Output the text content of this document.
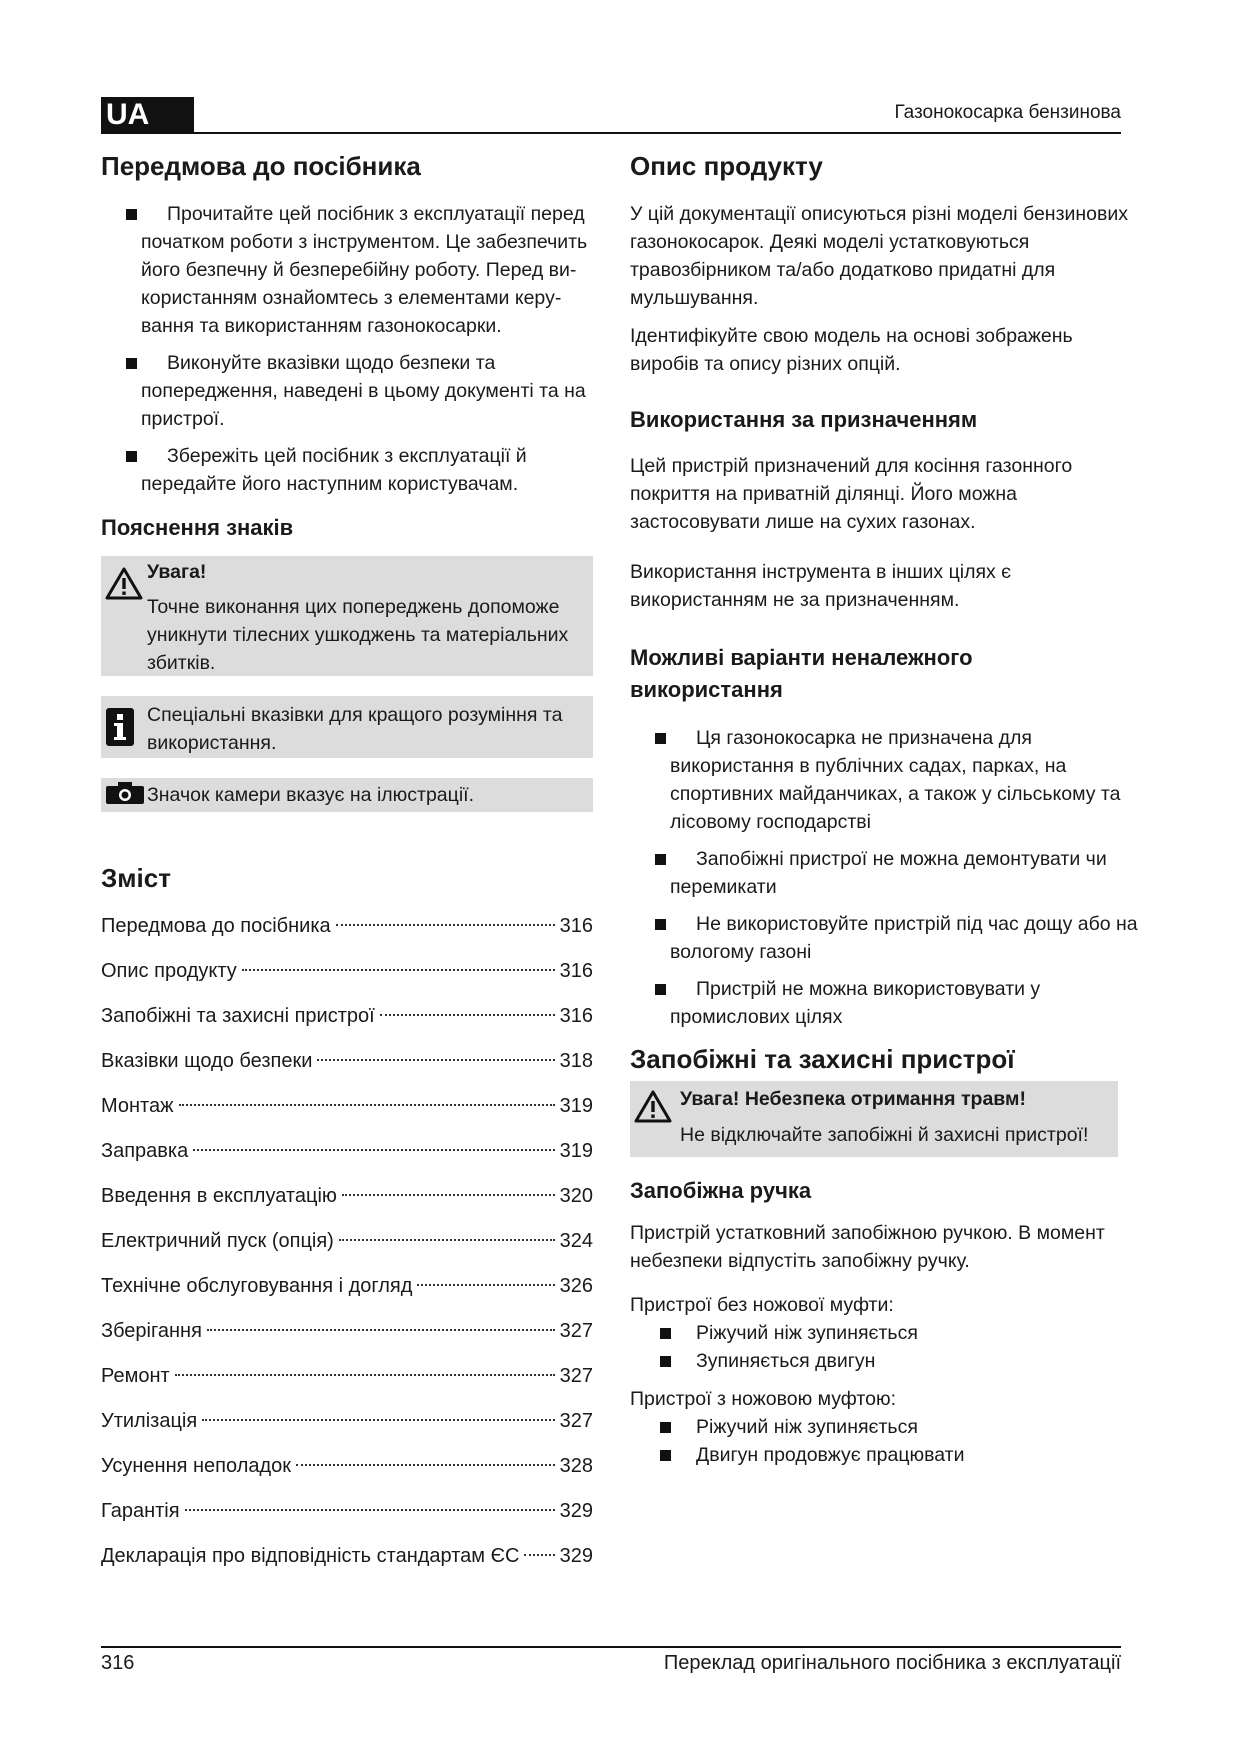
UA	Газонокосарка бензинова
Передмова до посібника
Прочитайте цей посібник з експлуатації перед початком роботи з інструментом. Це забезпечить його безпечну й безперебійну роботу. Перед використанням ознайомтесь з елементами керування та використанням газонокосарки.
Виконуйте вказівки щодо безпеки та попередження, наведені в цьому документі та на пристрої.
Збережіть цей посібник з експлуатації й передайте його наступним користувачам.
Пояснення знаків
Увага!
Точне виконання цих попереджень допоможе уникнути тілесних ушкоджень та матеріальних збитків.
Спеціальні вказівки для кращого розуміння та використання.
Значок камери вказує на ілюстрації.
Зміст
Передмова до посібника	316
Опис продукту	316
Запобіжні та захисні пристрої	316
Вказівки щодо безпеки	318
Монтаж	319
Заправка	319
Введення в експлуатацію	320
Електричний пуск (опція)	324
Технічне обслуговування і догляд	326
Зберігання	327
Ремонт	327
Утилізація	327
Усунення неполадок	328
Гарантія	329
Декларація про відповідність стандартам ЄС 329
Опис продукту

У цій документації описуються різні моделі бензинових газонокосарок. Деякі моделі устатковуються травозбірником та/або додатково придатні для мульшування.

Ідентифікуйте свою модель на основі зображень виробів та опису різних опцій.

Використання за призначенням

Цей пристрій призначений для косіння газонного покриття на приватній ділянці. Його можна застосовувати лише на сухих газонах.

Використання інструмента в інших цілях є використанням не за призначенням.

Можливі варіанти неналежного використання
Ця газонокосарка не призначена для використання в публічних садах, парках, на спортивних майданчиках, а також у сільському та лісовому господарстві
Запобіжні пристрої не можна демонтувати чи перемикати
Не використовуйте пристрій під час дощу або на вологому газоні
Пристрій не можна використовувати у промислових цілях
Запобіжні та захисні пристрої
Увага! Небезпека отримання травм!
Не відключайте запобіжні й захисні пристрої!
Запобіжна ручка

Пристрій устатковний запобіжною ручкою. В момент небезпеки відпустіть запобіжну ручку.

Пристрої без ножової муфти:

Ріжучий ніж зупиняється
Зупиняється двигун

Пристрої з ножовою муфтою:

Ріжучий ніж зупиняється
Двигун продовжує працювати
316	Переклад оригінального посібника з експлуатації
